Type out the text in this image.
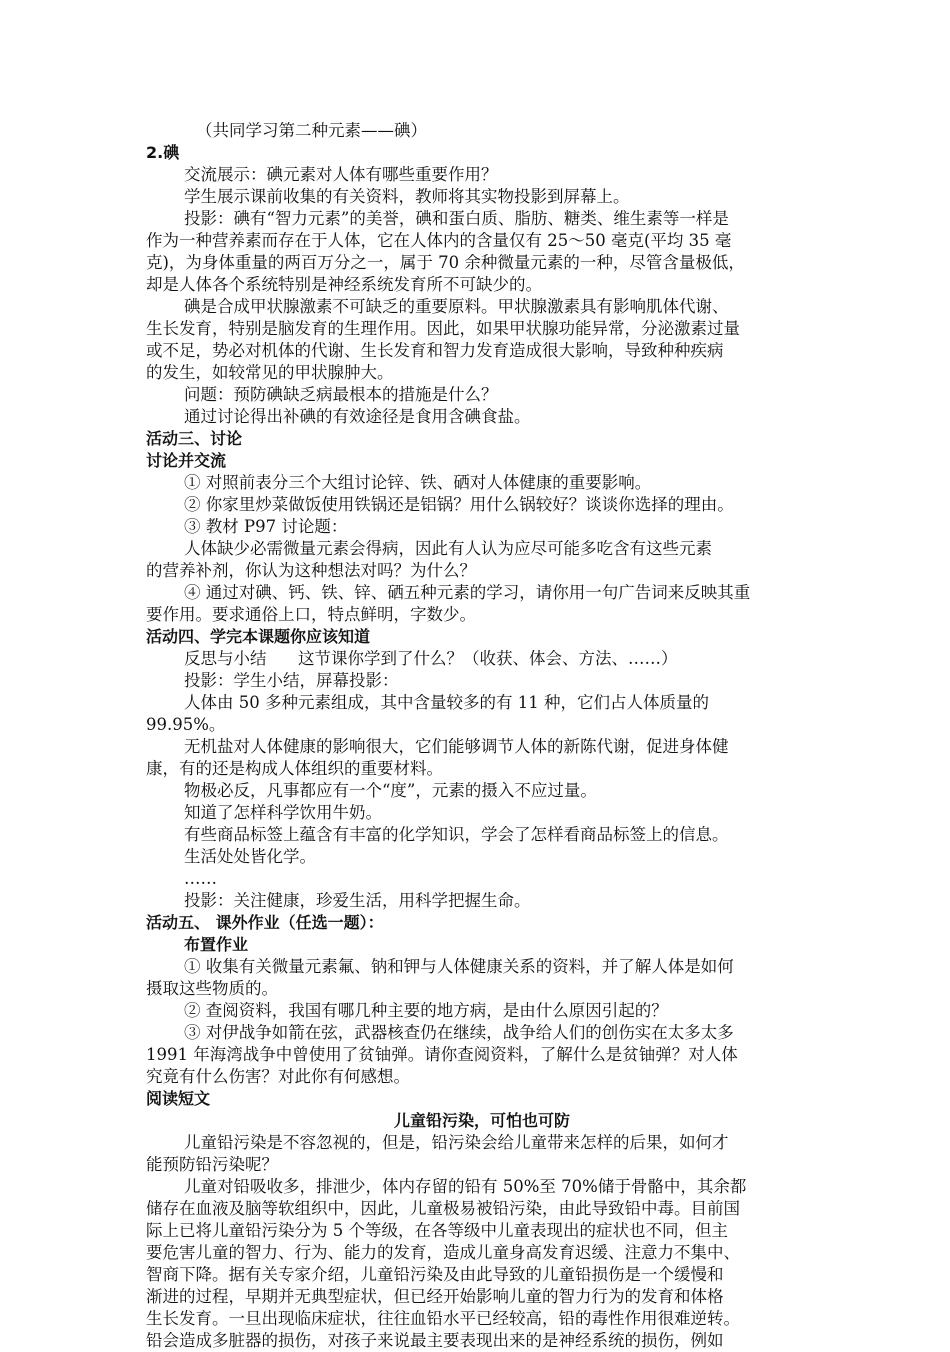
（共同学习第二种元素——碘）
2.碘
交流展示：碘元素对人体有哪些重要作用？
学生展示课前收集的有关资料，教师将其实物投影到屏幕上。
投影：碘有“智力元素”的美誉，碘和蛋白质、脂肪、糖类、维生素等一样是
作为一种营养素而存在于人体，它在人体内的含量仅有 25～50 毫克(平均 35 毫
克)，为身体重量的两百万分之一，属于 70 余种微量元素的一种，尽管含量极低，
却是人体各个系统特别是神经系统发育所不可缺少的。
碘是合成甲状腺激素不可缺乏的重要原料。甲状腺激素具有影响肌体代谢、
生长发育，特别是脑发育的生理作用。因此，如果甲状腺功能异常，分泌激素过量
或不足，势必对机体的代谢、生长发育和智力发育造成很大影响，导致种种疾病
的发生，如较常见的甲状腺肿大。
问题：预防碘缺乏病最根本的措施是什么？
通过讨论得出补碘的有效途径是食用含碘食盐。
活动三、讨论
讨论并交流
① 对照前表分三个大组讨论锌、铁、硒对人体健康的重要影响。
② 你家里炒菜做饭使用铁锅还是铝锅？用什么锅较好？谈谈你选择的理由。
③ 教材 P97 讨论题：
人体缺少必需微量元素会得病，因此有人认为应尽可能多吃含有这些元素
的营养补剂，你认为这种想法对吗？为什么？
④ 通过对碘、钙、铁、锌、硒五种元素的学习，请你用一句广告词来反映其重
要作用。要求通俗上口，特点鲜明，字数少。
活动四、学完本课题你应该知道
反思与小结      这节课你学到了什么？（收获、体会、方法、……）
投影：学生小结，屏幕投影：
人体由 50 多种元素组成，其中含量较多的有 11 种，它们占人体质量的
99.95%。
无机盐对人体健康的影响很大，它们能够调节人体的新陈代谢，促进身体健
康，有的还是构成人体组织的重要材料。
物极必反，凡事都应有一个“度”，元素的摄入不应过量。
知道了怎样科学饮用牛奶。
有些商品标签上蕴含有丰富的化学知识，学会了怎样看商品标签上的信息。
生活处处皆化学。
……
投影：关注健康，珍爱生活，用科学把握生命。
活动五、 课外作业（任选一题）：
布置作业
① 收集有关微量元素氟、钠和钾与人体健康关系的资料，并了解人体是如何
摄取这些物质的。
② 查阅资料，我国有哪几种主要的地方病，是由什么原因引起的？
③ 对伊战争如箭在弦，武器核查仍在继续，战争给人们的创伤实在太多太多
1991 年海湾战争中曾使用了贫铀弹。请你查阅资料，了解什么是贫铀弹？对人体
究竟有什么伤害？对此你有何感想。
阅读短文
儿童铅污染，可怕也可防
儿童铅污染是不容忽视的，但是，铅污染会给儿童带来怎样的后果，如何才
能预防铅污染呢？
儿童对铅吸收多，排泄少，体内存留的铅有 50%至 70%储于骨骼中，其余都
储存在血液及脑等软组织中，因此，儿童极易被铅污染，由此导致铅中毒。目前国
际上已将儿童铅污染分为 5 个等级，在各等级中儿童表现出的症状也不同，但主
要危害儿童的智力、行为、能力的发育，造成儿童身高发育迟缓、注意力不集中、
智商下降。据有关专家介绍，儿童铅污染及由此导致的儿童铅损伤是一个缓慢和
渐进的过程，早期并无典型症状，但已经开始影响儿童的智力行为的发育和体格
生长发育。一旦出现临床症状，往往血铅水平已经较高，铅的毒性作用很难逆转。
铅会造成多脏器的损伤，对孩子来说最主要表现出来的是神经系统的损伤，例如
